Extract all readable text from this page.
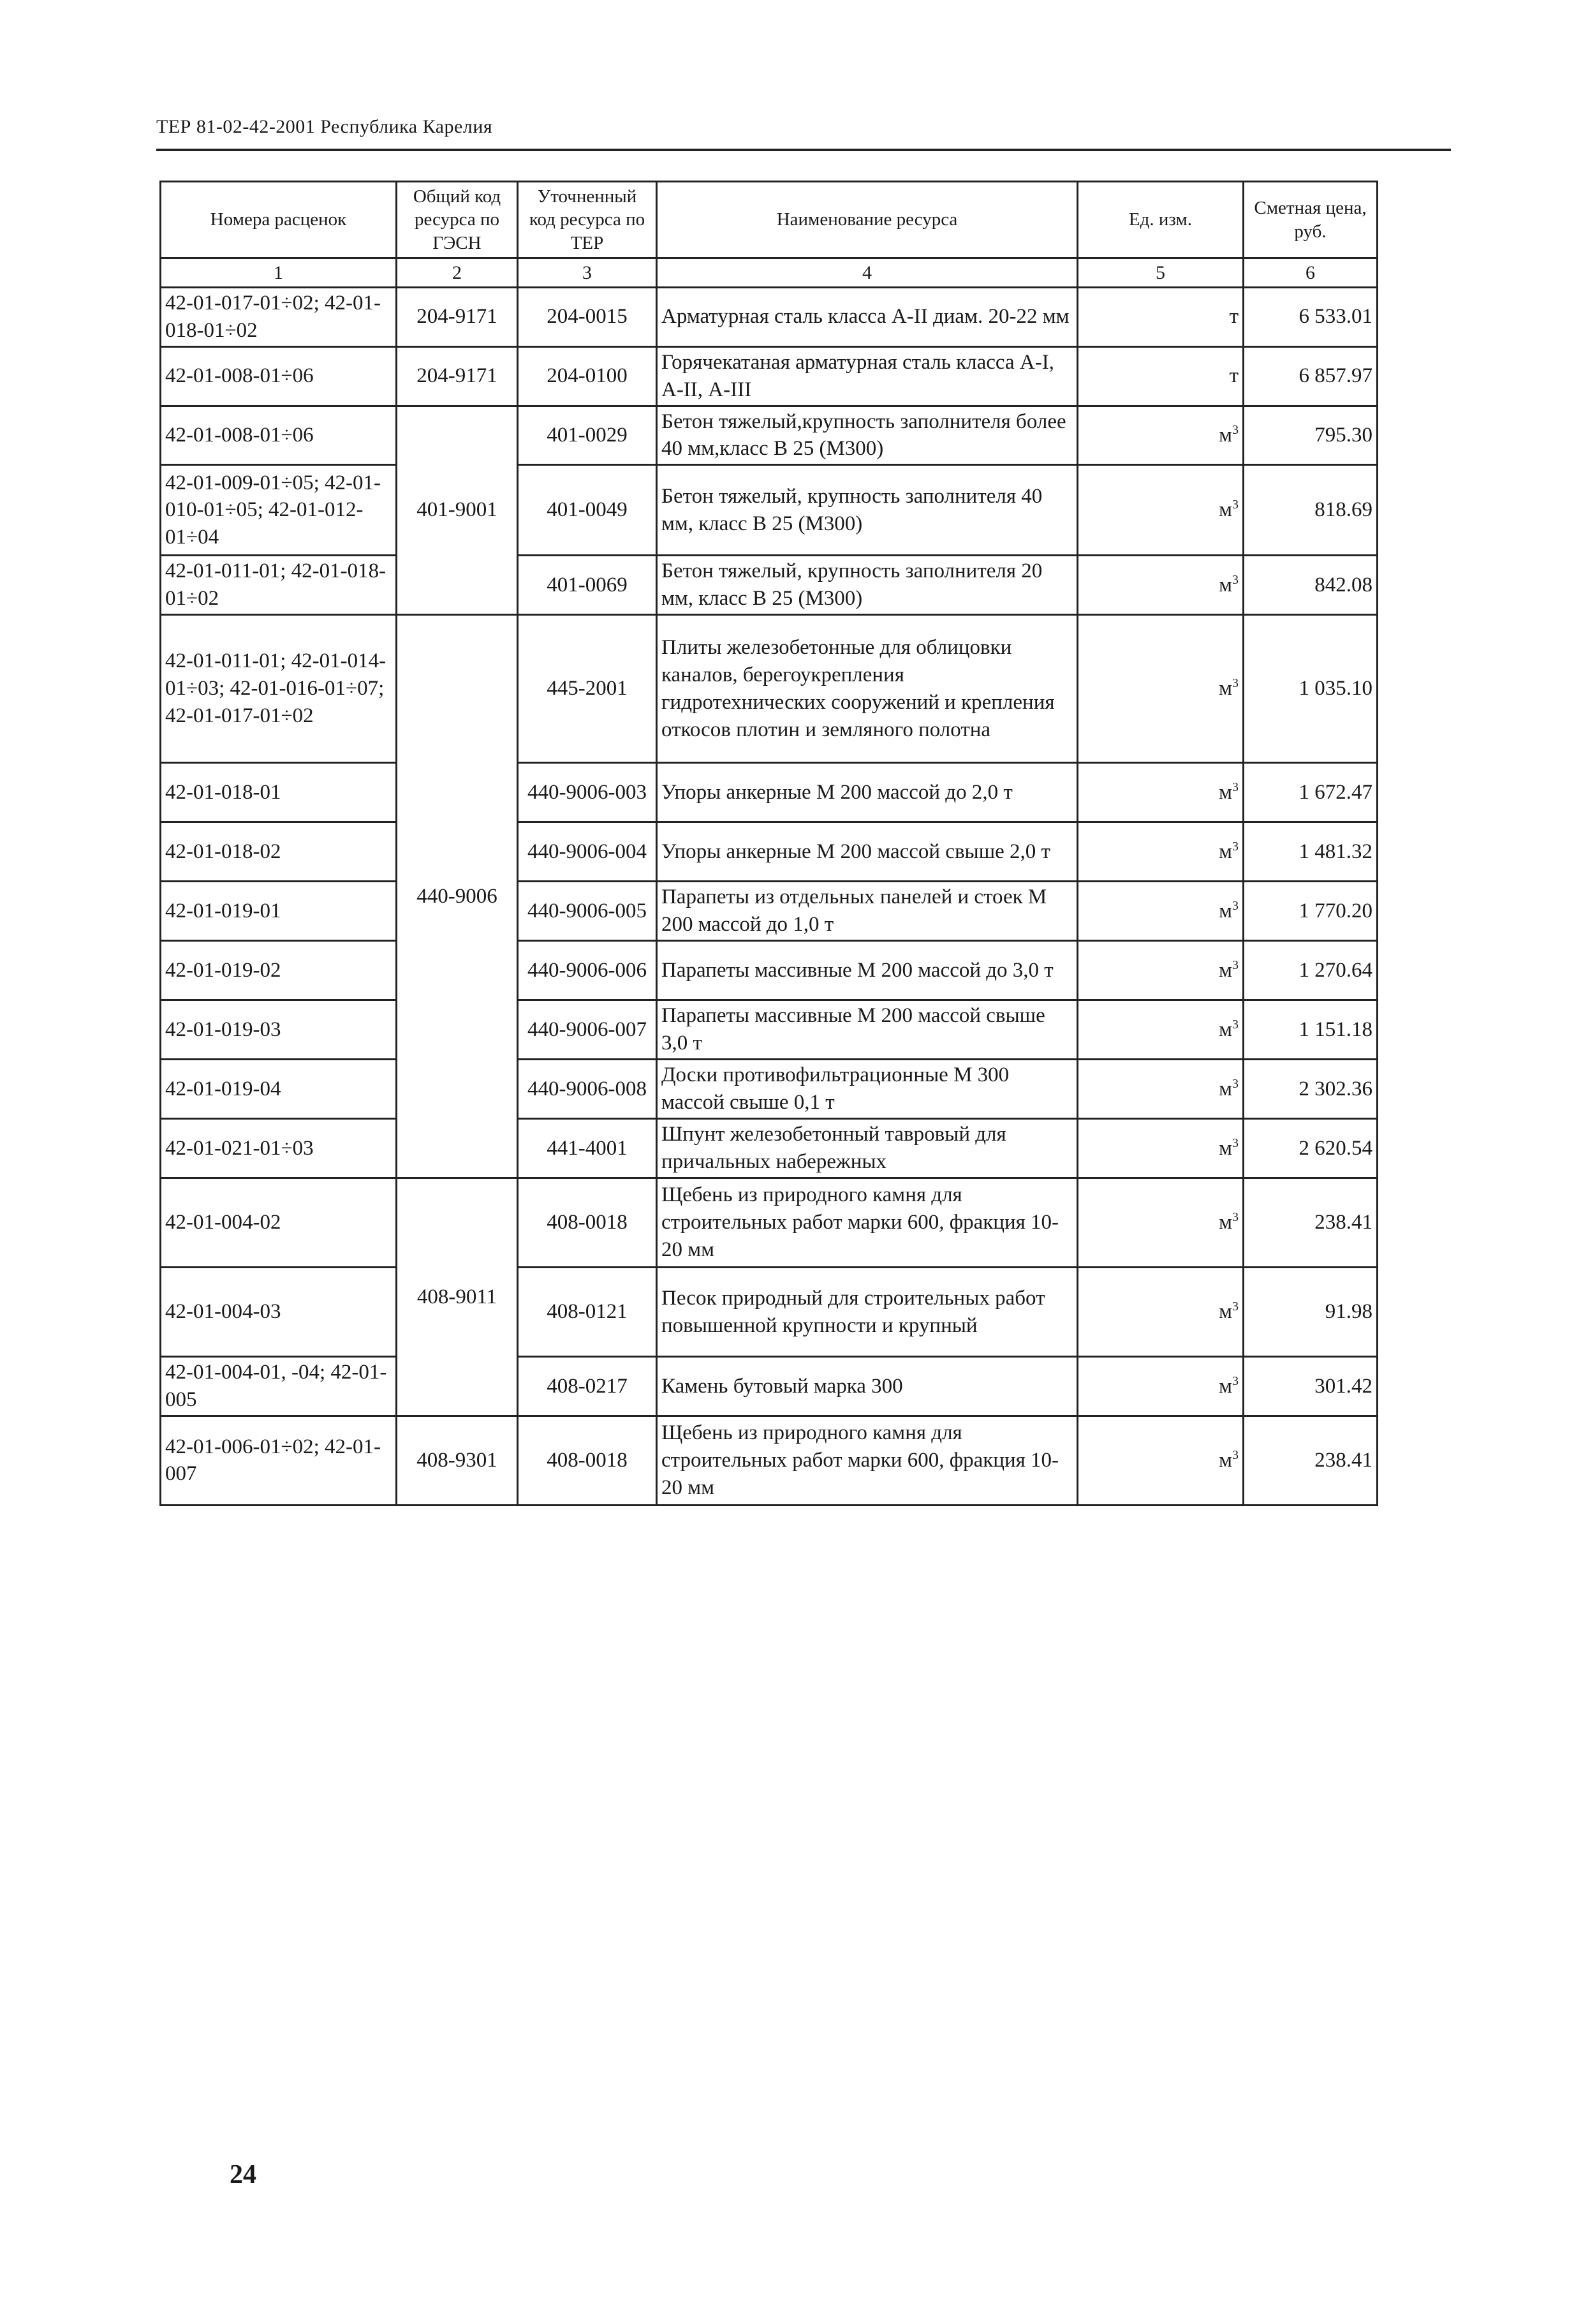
ТЕР 81-02-42-2001 Республика Карелия
Номера расценок	Общий код ресурса по ГЭСН	Уточненный код ресурса по ТЕР	Наименование ресурса	Ед. изм.	Сметная цена, руб.
1	2	3	4	5	6
42-01-017-01÷02; 42-01-018-01÷02	204-9171	204-0015	Арматурная сталь класса А-II диам. 20-22 мм	т	6 533.01
42-01-008-01÷06	204-9171	204-0100	Горячекатаная арматурная сталь класса А-I, А-II, А-III	т	6 857.97
42-01-008-01÷06	401-9001	401-0029	Бетон тяжелый,крупность заполнителя более 40 мм,класс В 25 (М300)	$м^3$	795.30
42-01-009-01÷05; 42-01-010-01÷05; 42-01-012-01÷04		401-0049	Бетон тяжелый, крупность заполнителя 40 мм, класс В 25 (М300)	$м^3$	818.69
42-01-011-01; 42-01-018-01÷02		401-0069	Бетон тяжелый, крупность заполнителя 20 мм, класс В 25 (М300)	$м^3$	842.08
42-01-011-01; 42-01-014-01÷03; 42-01-016-01÷07; 42-01-017-01÷02	440-9006	445-2001	Плиты железобетонные для облицовки каналов, берегоукрепления гидротехнических сооружений и крепления откосов плотин и земляного полотна	$м^3$	1 035.10
42-01-018-01		440-9006-003	Упоры анкерные М 200 массой до 2,0 т	$м^3$	1 672.47
42-01-018-02		440-9006-004	Упоры анкерные М 200 массой свыше 2,0 т	$м^3$	1 481.32
42-01-019-01		440-9006-005	Парапеты из отдельных панелей и стоек М 200 массой до 1,0 т	$м^3$	1 770.20
42-01-019-02		440-9006-006	Парапеты массивные М 200 массой до 3,0 т	$м^3$	1 270.64
42-01-019-03		440-9006-007	Парапеты массивные М 200 массой свыше 3,0 т	$м^3$	1 151.18
42-01-019-04		440-9006-008	Доски противофильтрационные М 300 массой свыше 0,1 т	$м^3$	2 302.36
42-01-021-01÷03		441-4001	Шпунт железобетонный тавровый для причальных набережных	$м^3$	2 620.54
42-01-004-02	408-9011	408-0018	Щебень из природного камня для строительных работ марки 600, фракция 10-20 мм	$м^3$	238.41
42-01-004-03		408-0121	Песок природный для строительных работ повышенной крупности и крупный	$м^3$	91.98
42-01-004-01, -04; 42-01-005		408-0217	Камень бутовый марка 300	$м^3$	301.42
42-01-006-01÷02; 42-01-007	408-9301	408-0018	Щебень из природного камня для строительных работ марки 600, фракция 10-20 мм	$м^3$	238.41
24
